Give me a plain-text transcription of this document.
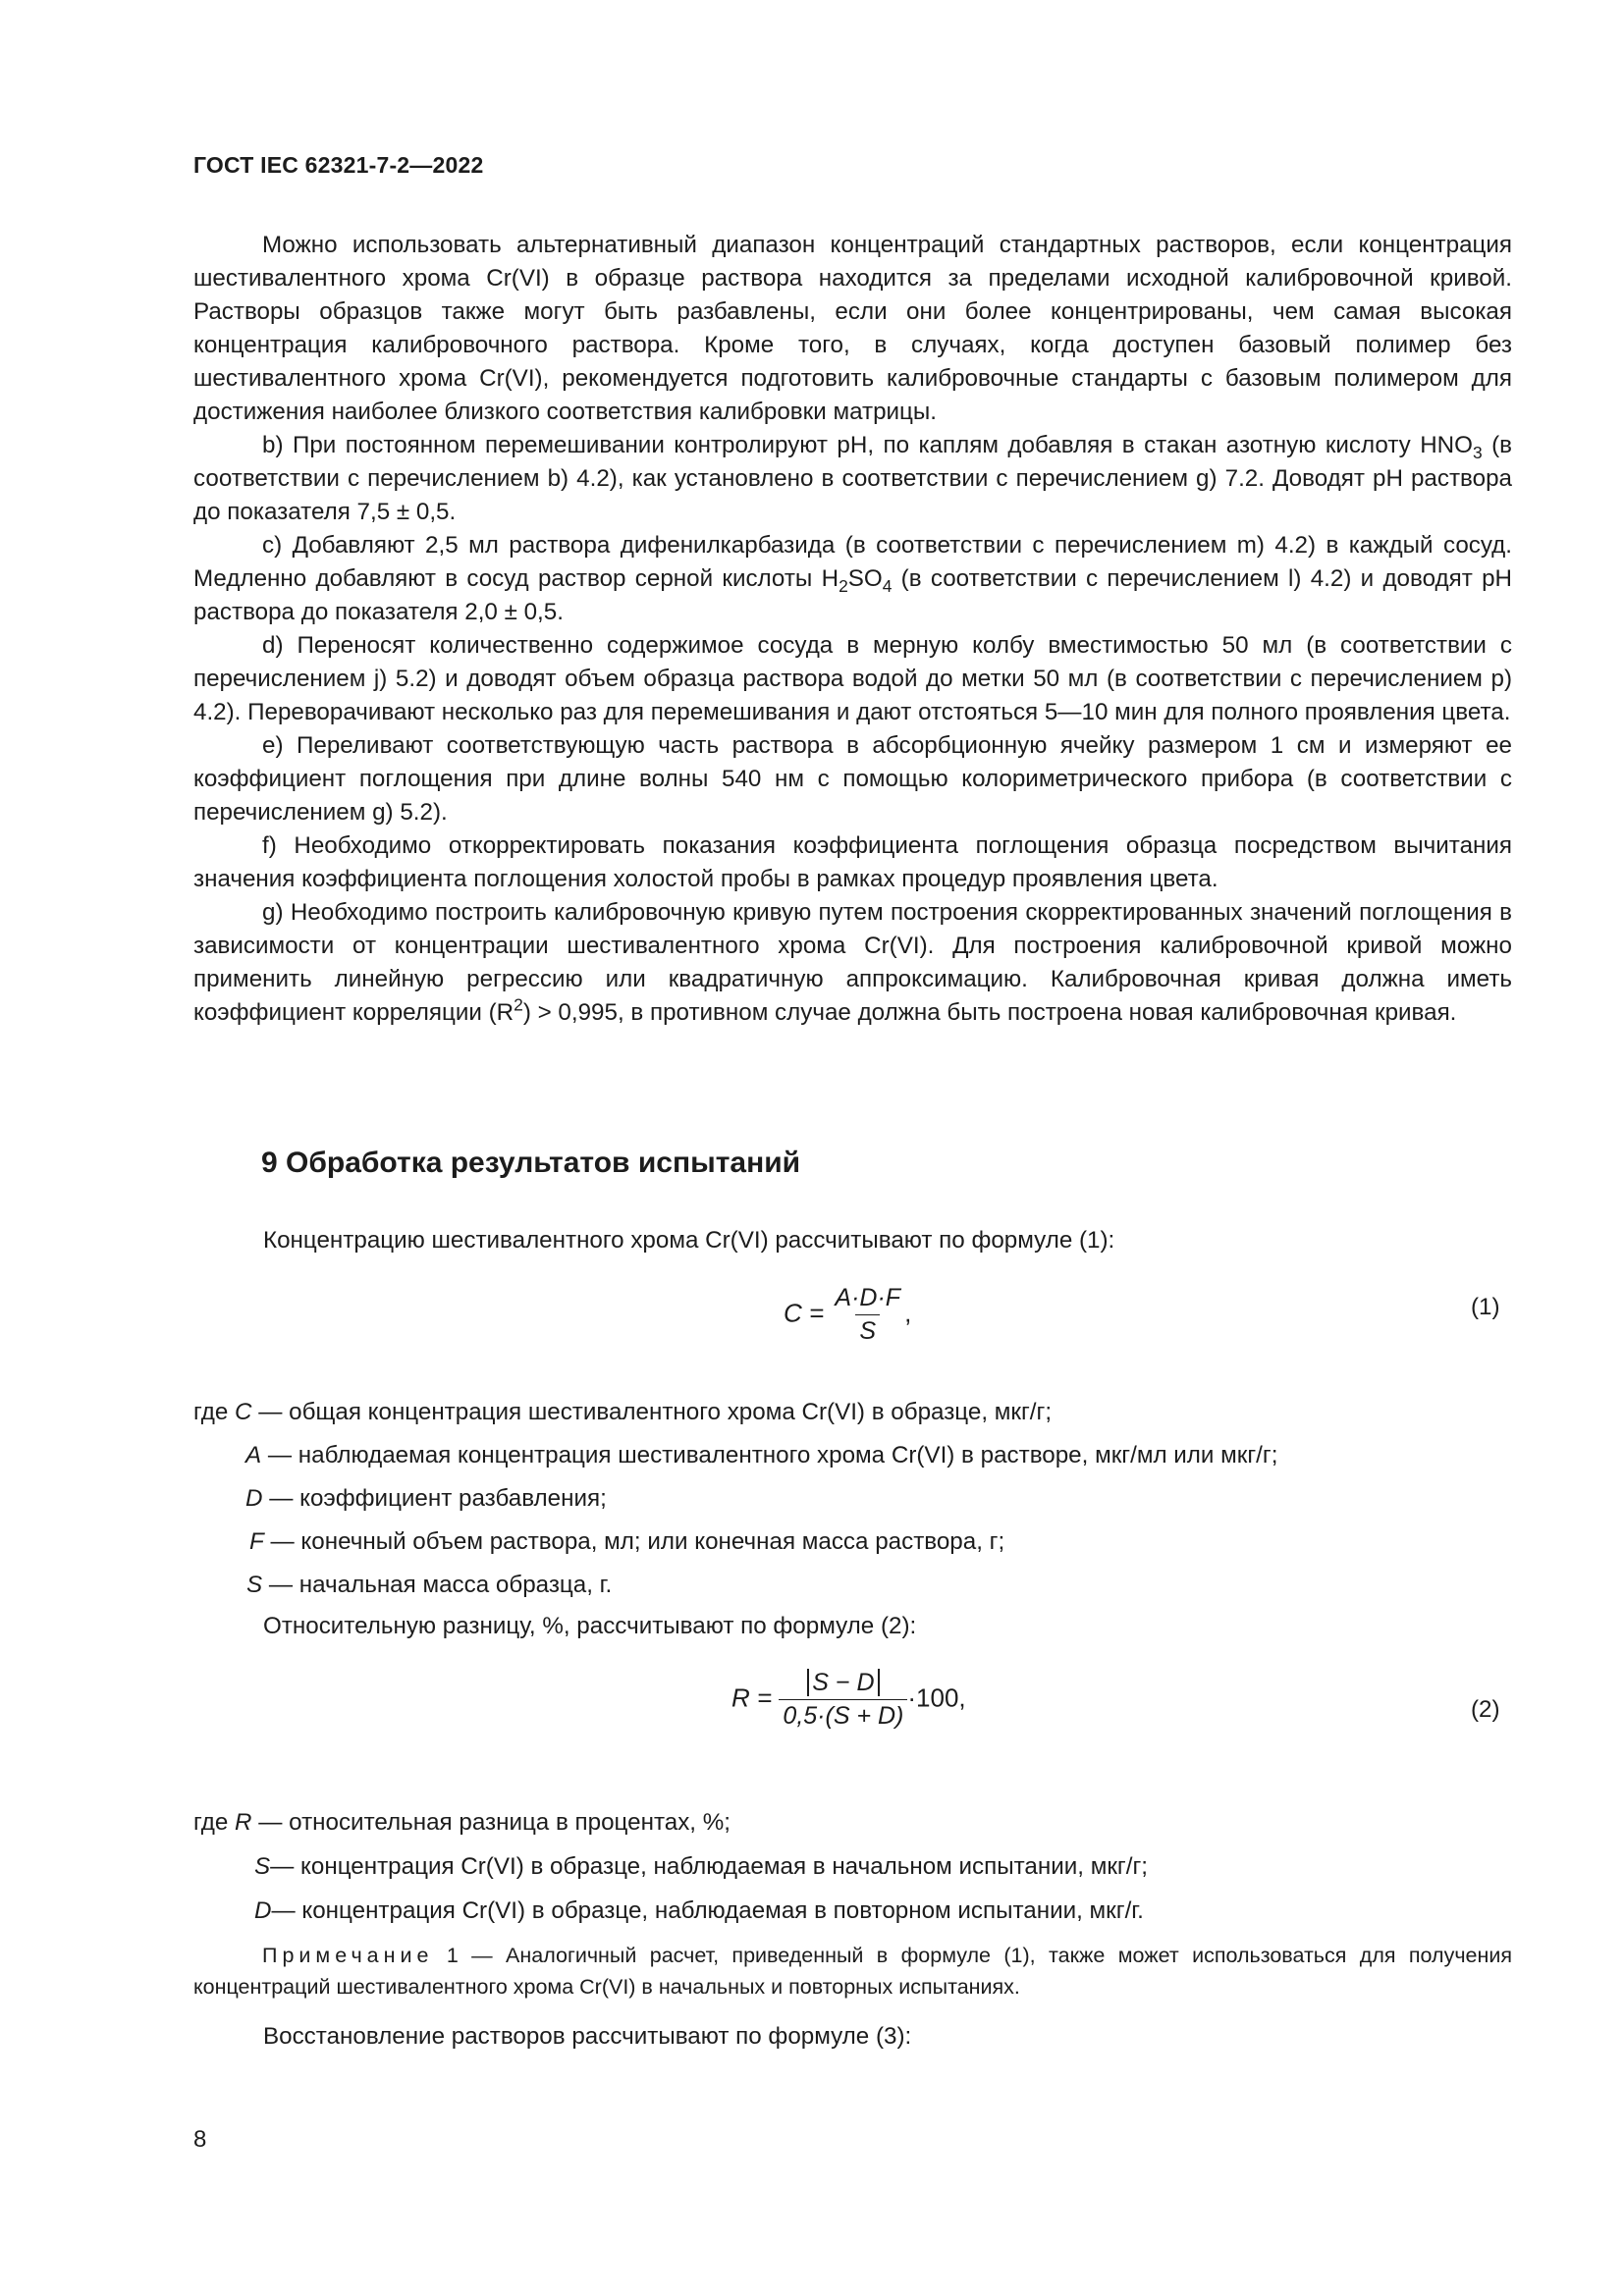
ГОСТ IEC 62321-7-2—2022

Можно использовать альтернативный диапазон концентраций стандартных растворов, если концентрация шестивалентного хрома Cr(VI) в образце раствора находится за пределами исходной калибровочной кривой. Растворы образцов также могут быть разбавлены, если они более концентрированы, чем самая высокая концентрация калибровочного раствора. Кроме того, в случаях, когда доступен базовый полимер без шестивалентного хрома Cr(VI), рекомендуется подготовить калибровочные стандарты с базовым полимером для достижения наиболее близкого соответствия калибровки матрицы.

b) При постоянном перемешивании контролируют pH, по каплям добавляя в стакан азотную кислоту $HNO_3$ (в соответствии с перечислением b) 4.2), как установлено в соответствии с перечислением g) 7.2. Доводят pH раствора до показателя 7,5 ± 0,5.

с) Добавляют 2,5 мл раствора дифенилкарбазида (в соответствии с перечислением m) 4.2) в каждый сосуд. Медленно добавляют в сосуд раствор серной кислоты $H_2SO_4$ (в соответствии с перечислением l) 4.2) и доводят pH раствора до показателя 2,0 ± 0,5.

d) Переносят количественно содержимое сосуда в мерную колбу вместимостью 50 мл (в соответствии с перечислением j) 5.2) и доводят объем образца раствора водой до метки 50 мл (в соответствии с перечислением p) 4.2). Переворачивают несколько раз для перемешивания и дают отстояться 5—10 мин для полного проявления цвета.

е) Переливают соответствующую часть раствора в абсорбционную ячейку размером 1 см и измеряют ее коэффициент поглощения при длине волны 540 нм с помощью колориметрического прибора (в соответствии с перечислением g) 5.2).

f) Необходимо откорректировать показания коэффициента поглощения образца посредством вычитания значения коэффициента поглощения холостой пробы в рамках процедур проявления цвета.

g) Необходимо построить калибровочную кривую путем построения скорректированных значений поглощения в зависимости от концентрации шестивалентного хрома Cr(VI). Для построения калибровочной кривой можно применить линейную регрессию или квадратичную аппроксимацию. Калибровочная кривая должна иметь коэффициент корреляции $(R^2) > 0,995$, в противном случае должна быть построена новая калибровочная кривая.

9 Обработка результатов испытаний
Концентрацию шестивалентного хрома Cr(VI) рассчитывают по формуле (1):
$C = \frac{A\cdot D\cdot F}{S}$ ,	(1)
где C — общая концентрация шестивалентного хрома Cr(VI) в образце, мкг/г;
A — наблюдаемая концентрация шестивалентного хрома Cr(VI) в растворе, мкг/мл или мкг/г;
D — коэффициент разбавления;
F — конечный объем раствора, мл; или конечная масса раствора, г;
S — начальная масса образца, г.
Относительную разницу, %, рассчитывают по формуле (2):
$R = \frac{S - D}{0,5\cdot(S + D)} \cdot 100$,	(2)
где R — относительная разница в процентах, %;
S— концентрация Cr(VI) в образце, наблюдаемая в начальном испытании, мкг/г;
D— концентрация Cr(VI) в образце, наблюдаемая в повторном испытании, мкг/г.
Примечание 1 — Аналогичный расчет, приведенный в формуле (1), также может использоваться для получения концентраций шестивалентного хрома Cr(VI) в начальных и повторных испытаниях.
Восстановление растворов рассчитывают по формуле (3):
8
